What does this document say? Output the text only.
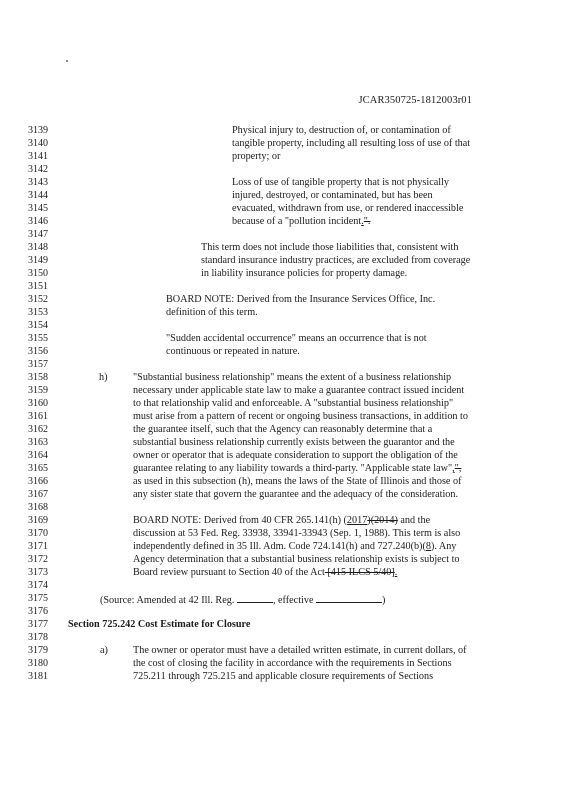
JCAR350725-1812003r01
3139
3140
3141
3142
3143
3144
3145
3146
3147
3148
3149
3150
3151
3152
3153
3154
3155
3156
3157
3158
3159
3160
3161
3162
3163
3164
3165
3166
3167
3168
3169
3170
3171
3172
3173
3174
3175
3176
3177
3178
3179
3180
3181
Physical injury to, destruction of, or contamination of
tangible property, including all resulting loss of use of that
property; or
Loss of use of tangible property that is not physically
injured, destroyed, or contaminated, but has been
evacuated, withdrawn from use, or rendered inaccessible
because of a "pollution incident.".
This term does not include those liabilities that, consistent with
standard insurance industry practices, are excluded from coverage
in liability insurance policies for property damage.
BOARD NOTE: Derived from the Insurance Services Office, Inc.
definition of this term.
"Sudden accidental occurrence" means an occurrence that is not
continuous or repeated in nature.
h)	"Substantial business relationship" means the extent of a business relationship
necessary under applicable state law to make a guarantee contract issued incident
to that relationship valid and enforceable. A "substantial business relationship"
must arise from a pattern of recent or ongoing business transactions, in addition to
the guarantee itself, such that the Agency can reasonably determine that a
substantial business relationship currently exists between the guarantor and the
owner or operator that is adequate consideration to support the obligation of the
guarantee relating to any liability towards a third-party. "Applicable state law",",
as used in this subsection (h), means the laws of the State of Illinois and those of
any sister state that govern the guarantee and the adequacy of the consideration.
BOARD NOTE: Derived from 40 CFR 265.141(h) (2017)(2014) and the
discussion at 53 Fed. Reg. 33938, 33941-33943 (Sep. 1, 1988). This term is also
independently defined in 35 Ill. Adm. Code 724.141(h) and 727.240(b)(8). Any
Agency determination that a substantial business relationship exists is subject to
Board review pursuant to Section 40 of the Act [415 ILCS 5/40].
(Source: Amended at 42 Ill. Reg.	, effective	)
Section 725.242 Cost Estimate for Closure
a) The owner or operator must have a detailed written estimate, in current dollars, of
the cost of closing the facility in accordance with the requirements in Sections
725.211 through 725.215 and applicable closure requirements of Sections
